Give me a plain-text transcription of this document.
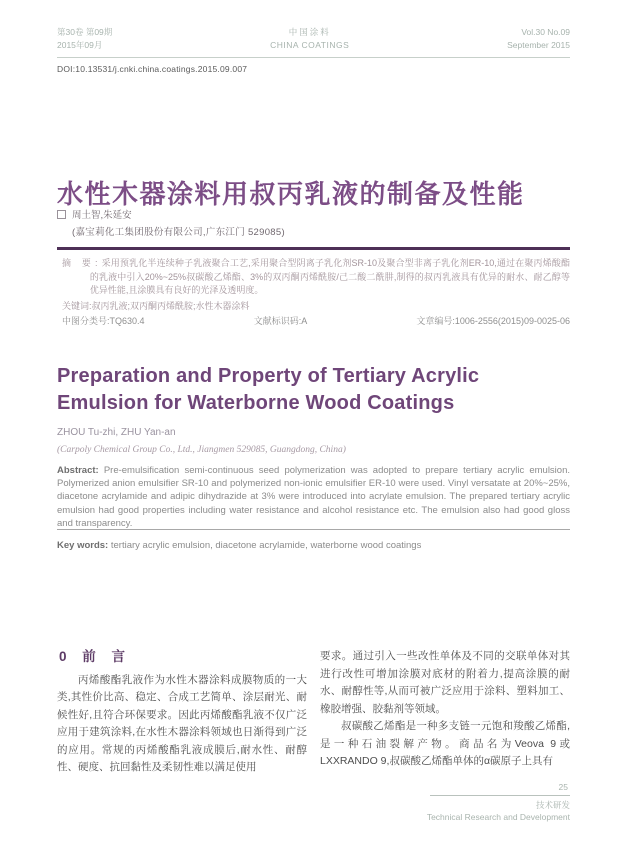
第30卷 第09期
2015年09月
中国涂料
CHINA COATINGS
Vol.30 No.09
September 2015
DOI:10.13531/j.cnki.china.coatings.2015.09.007
水性木器涂料用叔丙乳液的制备及性能
周土智,朱延安
(嘉宝莉化工集团股份有限公司,广东江门 529085)

摘 要:采用预乳化半连续种子乳液聚合工艺,采用聚合型阴离子乳化剂SR-10及聚合型非离子乳化剂ER-10,通过在聚丙烯酸酯的乳液中引入20%~25%叔碳酸乙烯酯、3%的双丙酮丙烯酰胺/己二酸二酰肼,制得的叔丙乳液具有优异的耐水、耐乙醇等优异性能,且涂膜具有良好的光泽及透明度。

关键词:叔丙乳液;双丙酮丙烯酰胺;水性木器涂料

中图分类号:TQ630.4	文献标识码:A	文章编号:1006-2556(2015)09-0025-06
Preparation and Property of Tertiary Acrylic Emulsion for Waterborne Wood Coatings
ZHOU Tu-zhi, ZHU Yan-an
(Carpoly Chemical Group Co., Ltd., Jiangmen 529085, Guangdong, China)

Abstract: Pre-emulsification semi-continuous seed polymerization was adopted to prepare tertiary acrylic emulsion. Polymerized anion emulsifier SR-10 and polymerized non-ionic emulsifier ER-10 were used. Vinyl versatate at 20%~25%, diacetone acrylamide and adipic dihydrazide at 3% were introduced into acrylate emulsion. The prepared tertiary acrylic emulsion had good properties including water resistance and alcohol resistance etc. The emulsion also had good gloss and transparency.

Key words: tertiary acrylic emulsion, diacetone acrylamide, waterborne wood coatings

0 前 言

丙烯酸酯乳液作为水性木器涂料成膜物质的一大类,其性价比高、稳定、合成工艺简单、涂层耐光、耐候性好,且符合环保要求。因此丙烯酸酯乳液不仅广泛应用于建筑涂料,在水性木器涂料领域也日渐得到广泛的应用。常规的丙烯酸酯乳液成膜后,耐水性、耐醇性、硬度、抗回黏性及柔韧性难以满足使用

要求。通过引入一些改性单体及不同的交联单体对其进行改性可增加涂膜对底材的附着力,提高涂膜的耐水、耐醇性等,从而可被广泛应用于涂料、塑料加工、橡胶增强、胶黏剂等领域。

叔碳酸乙烯酯是一种多支链一元饱和羧酸乙烯酯,是一种石油裂解产物。商品名为Veova 9或LXXRANDO 9,叔碳酸乙烯酯单体的α碳原子上具有

25
技术研发
Technical Research and Development
